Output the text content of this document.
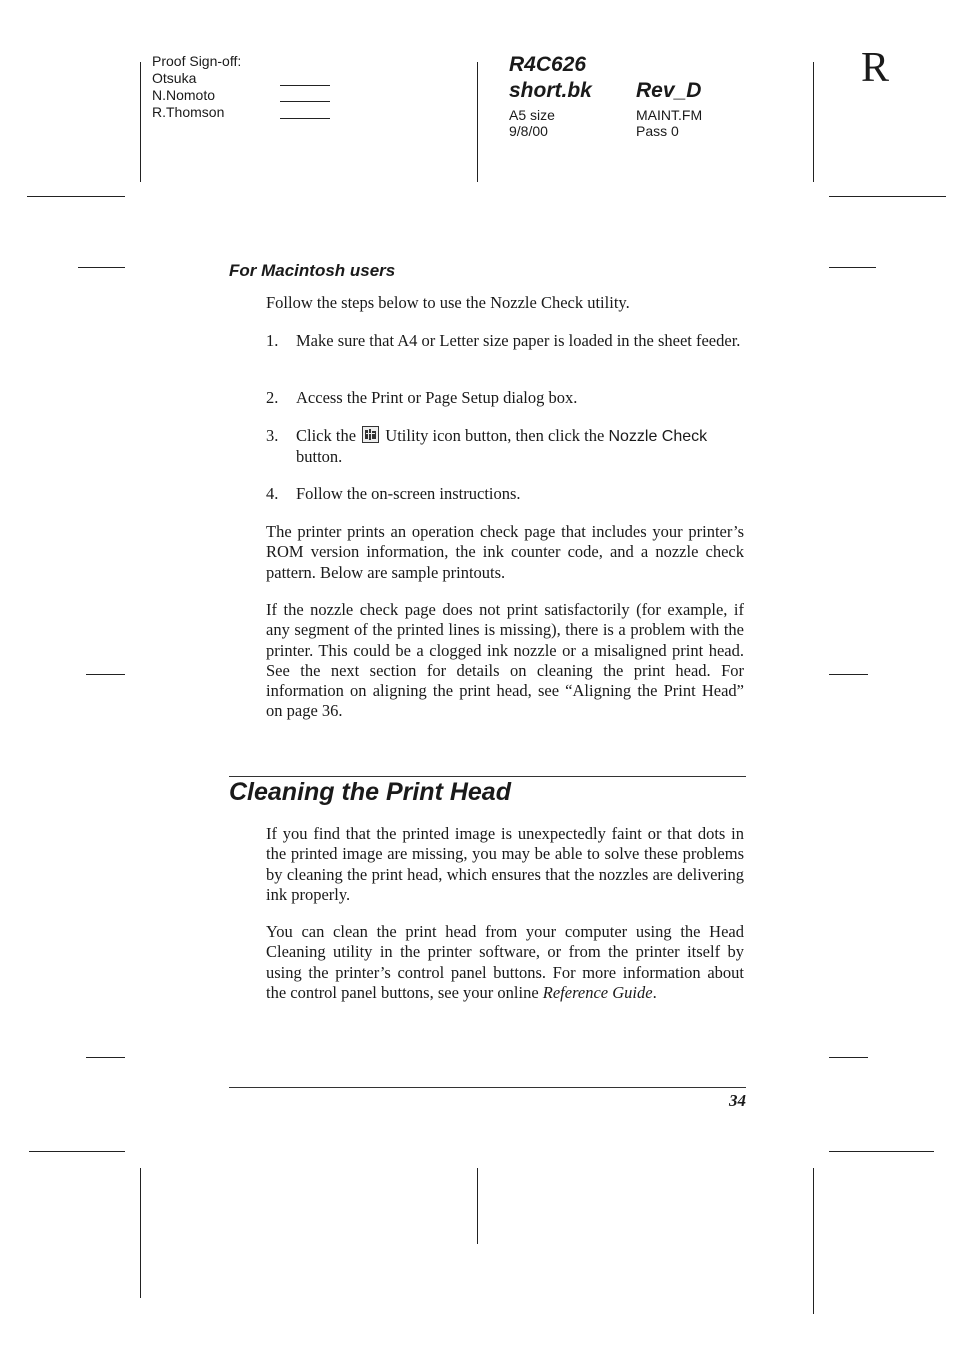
Proof Sign-off:
Otsuka
N.Nomoto
R.Thomson
R4C626
short.bk Rev_D
A5 size
9/8/00
MAINT.FM
Pass 0
R
For Macintosh users
Follow the steps below to use the Nozzle Check utility.
1. Make sure that A4 or Letter size paper is loaded in the sheet feeder.
2. Access the Print or Page Setup dialog box.
3. Click the Utility icon button, then click the Nozzle Check button.
4. Follow the on-screen instructions.
The printer prints an operation check page that includes your printer’s ROM version information, the ink counter code, and a nozzle check pattern. Below are sample printouts.
If the nozzle check page does not print satisfactorily (for example, if any segment of the printed lines is missing), there is a problem with the printer. This could be a clogged ink nozzle or a misaligned print head. See the next section for details on cleaning the print head. For information on aligning the print head, see “Aligning the Print Head” on page 36.
Cleaning the Print Head
If you find that the printed image is unexpectedly faint or that dots in the printed image are missing, you may be able to solve these problems by cleaning the print head, which ensures that the nozzles are delivering ink properly.
You can clean the print head from your computer using the Head Cleaning utility in the printer software, or from the printer itself by using the printer’s control panel buttons. For more information about the control panel buttons, see your online Reference Guide.
34
